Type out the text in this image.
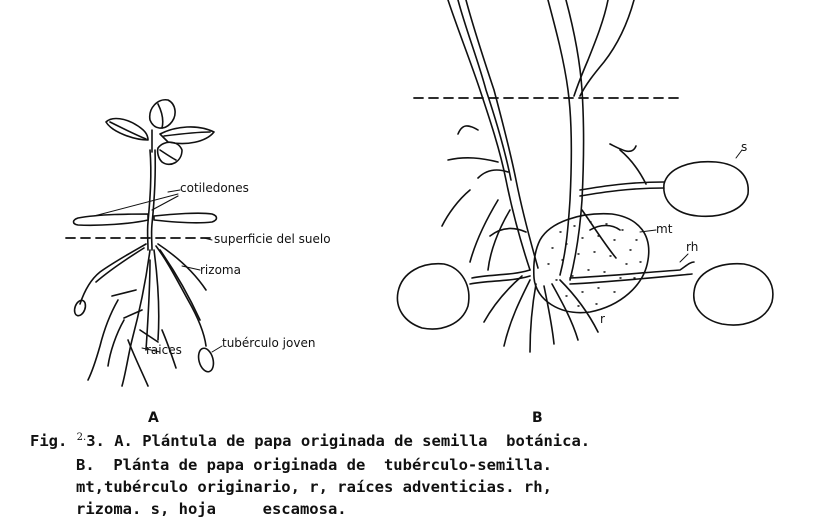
cotiledones
superficie del suelo
rizoma
raices	tubérculo joven
A
mt
rh
s
r
B
Fig. $^{2.}$3. A. Plántula de papa originada de semilla  botánica.
B.  Plánta de papa originada de  tubérculo-semilla.
mt,tubérculo originario, r, raíces adventicias. rh,
rizoma. s, hoja     escamosa.
